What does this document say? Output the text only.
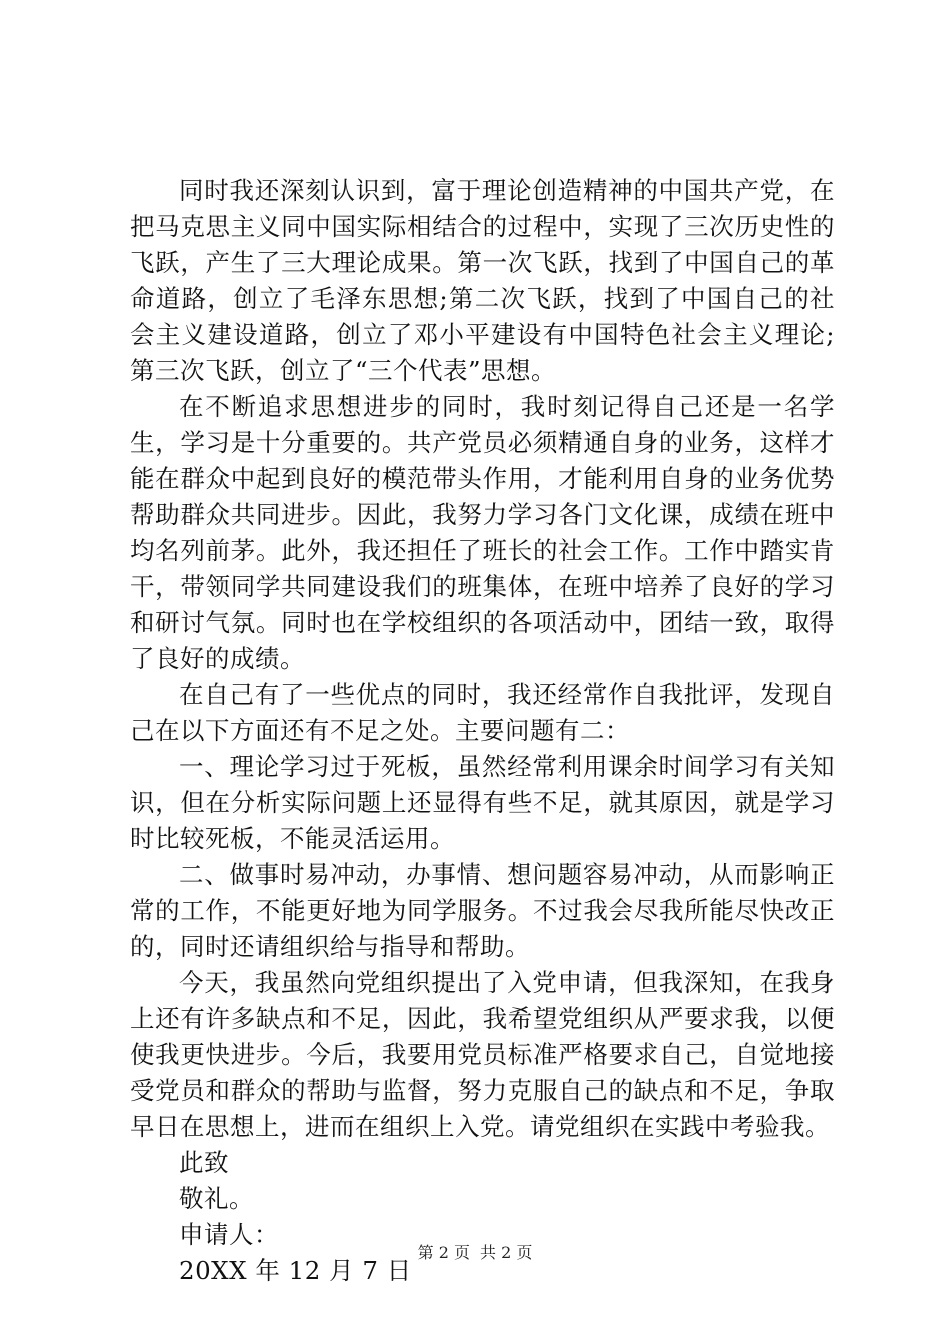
同时我还深刻认识到，富于理论创造精神的中国共产党，在把马克思主义同中国实际相结合的过程中，实现了三次历史性的飞跃，产生了三大理论成果。第一次飞跃，找到了中国自己的革命道路，创立了毛泽东思想;第二次飞跃，找到了中国自己的社会主义建设道路，创立了邓小平建设有中国特色社会主义理论;第三次飞跃，创立了“三个代表”思想。

在不断追求思想进步的同时，我时刻记得自己还是一名学生，学习是十分重要的。共产党员必须精通自身的业务，这样才能在群众中起到良好的模范带头作用，才能利用自身的业务优势帮助群众共同进步。因此，我努力学习各门文化课，成绩在班中均名列前茅。此外，我还担任了班长的社会工作。工作中踏实肯干，带领同学共同建设我们的班集体，在班中培养了良好的学习和研讨气氛。同时也在学校组织的各项活动中，团结一致，取得了良好的成绩。

在自己有了一些优点的同时，我还经常作自我批评，发现自己在以下方面还有不足之处。主要问题有二：

一、理论学习过于死板，虽然经常利用课余时间学习有关知识，但在分析实际问题上还显得有些不足，就其原因，就是学习时比较死板，不能灵活运用。

二、做事时易冲动，办事情、想问题容易冲动，从而影响正常的工作，不能更好地为同学服务。不过我会尽我所能尽快改正的，同时还请组织给与指导和帮助。

今天，我虽然向党组织提出了入党申请，但我深知，在我身上还有许多缺点和不足，因此，我希望党组织从严要求我，以便使我更快进步。今后，我要用党员标准严格要求自己，自觉地接受党员和群众的帮助与监督，努力克服自己的缺点和不足，争取早日在思想上，进而在组织上入党。请党组织在实践中考验我。

此致

敬礼。

申请人：

20XX 年 12 月 7 日

第 2 页 共 2 页
